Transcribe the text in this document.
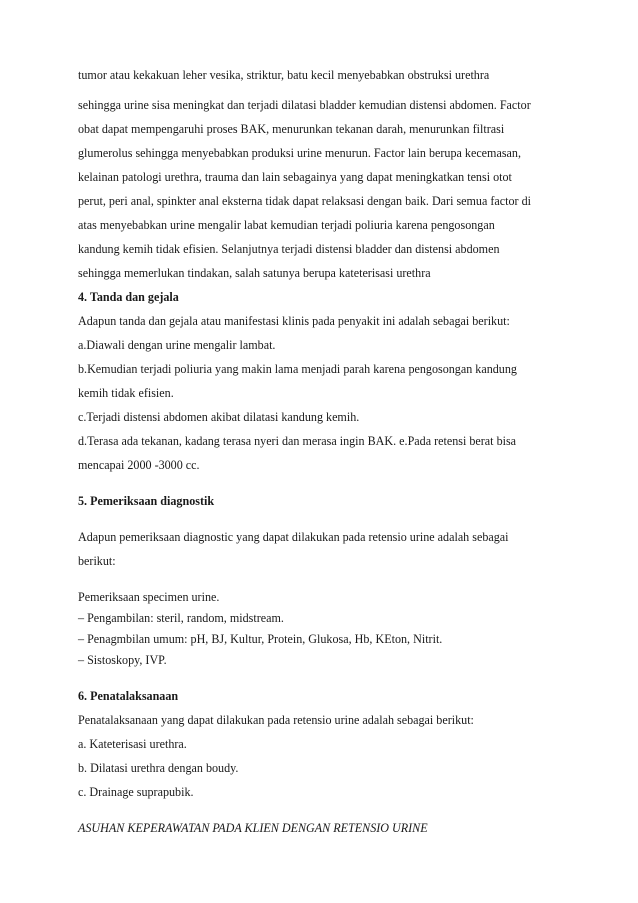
tumor atau kekakuan leher vesika, striktur, batu kecil menyebabkan obstruksi urethra
sehingga urine sisa meningkat dan terjadi dilatasi bladder kemudian distensi abdomen. Factor
obat dapat mempengaruhi proses BAK, menurunkan tekanan darah, menurunkan filtrasi
glumerolus sehingga menyebabkan produksi urine menurun. Factor lain berupa kecemasan,
kelainan patologi urethra, trauma dan lain sebagainya yang dapat meningkatkan tensi otot
perut, peri anal, spinkter anal eksterna tidak dapat relaksasi dengan baik. Dari semua factor di
atas menyebabkan urine mengalir labat kemudian terjadi poliuria karena pengosongan
kandung kemih tidak efisien. Selanjutnya terjadi distensi bladder dan distensi abdomen
sehingga memerlukan tindakan, salah satunya berupa kateterisasi urethra
4. Tanda dan gejala
Adapun tanda dan gejala atau manifestasi klinis pada penyakit ini adalah sebagai berikut:
a.Diawali dengan urine mengalir lambat.
b.Kemudian terjadi poliuria yang makin lama menjadi parah karena pengosongan kandung
kemih tidak efisien.
c.Terjadi distensi abdomen akibat dilatasi kandung kemih.
d.Terasa ada tekanan, kadang terasa nyeri dan merasa ingin BAK. e.Pada retensi berat bisa
mencapai 2000 -3000 cc.
5. Pemeriksaan diagnostik
Adapun pemeriksaan diagnostic yang dapat dilakukan pada retensio urine adalah sebagai
berikut:
Pemeriksaan specimen urine.
– Pengambilan: steril, random, midstream.
– Penagmbilan umum: pH, BJ, Kultur, Protein, Glukosa, Hb, KEton, Nitrit.
– Sistoskopy, IVP.
6. Penatalaksanaan
Penatalaksanaan yang dapat dilakukan pada retensio urine adalah sebagai berikut:
a. Kateterisasi urethra.
b. Dilatasi urethra dengan boudy.
c. Drainage suprapubik.
ASUHAN KEPERAWATAN PADA KLIEN DENGAN RETENSIO URINE
